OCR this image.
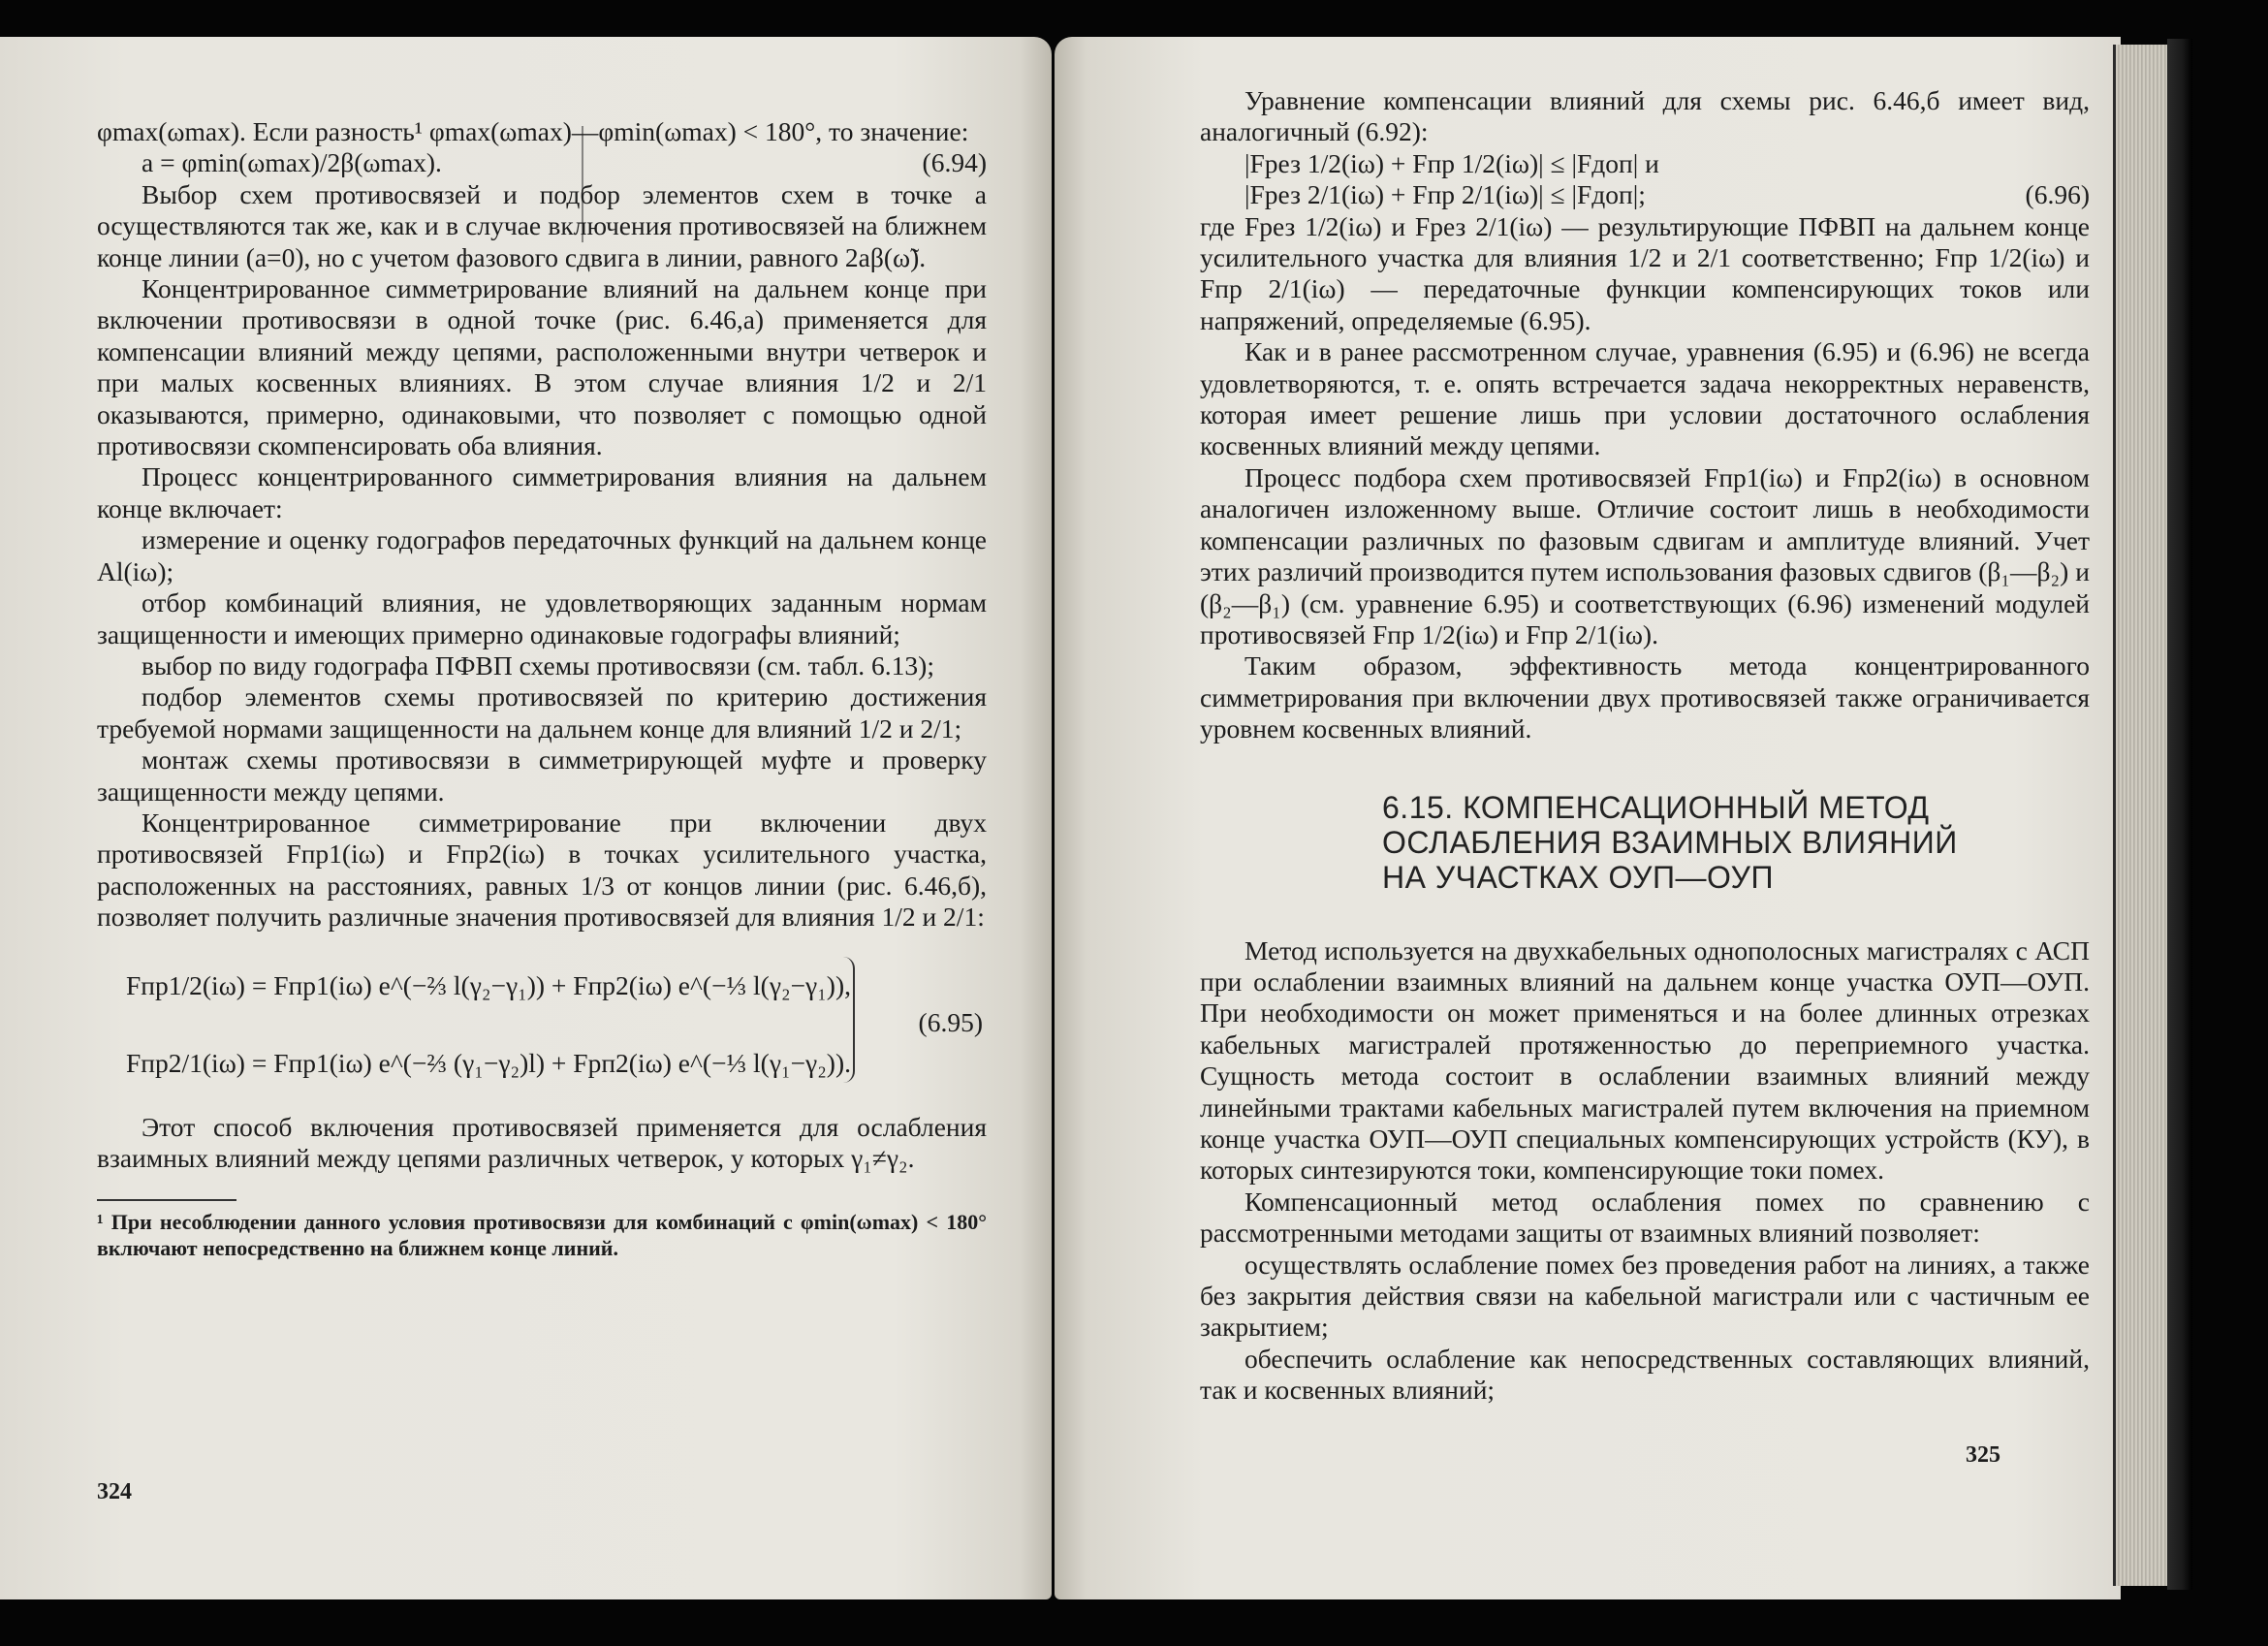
φmax(ωmax). Если разность¹ φmax(ωmax)—φmin(ωmax) < 180°, то значение:

a = φmin(ωmax)/2β(ωmax).	(6.94)

Выбор схем противосвязей и подбор элементов схем в точке a осуществляются так же, как и в случае включения противосвязей на ближнем конце линии (a=0), но с учетом фазового сдвига в линии, равного 2aβ(ω̃).

Концентрированное симметрирование влияний на дальнем конце при включении противосвязи в одной точке (рис. 6.46,a) применяется для компенсации влияний между цепями, расположенными внутри четверок и при малых косвенных влияниях. В этом случае влияния 1/2 и 2/1 оказываются, примерно, одинаковыми, что позволяет с помощью одной противосвязи скомпенсировать оба влияния.

Процесс концентрированного симметрирования влияния на дальнем конце включает:

измерение и оценку годографов передаточных функций на дальнем конце Al(iω);

отбор комбинаций влияния, не удовлетворяющих заданным нормам защищенности и имеющих примерно одинаковые годографы влияний;

выбор по виду годографа ПФВП схемы противосвязи (см. табл. 6.13);

подбор элементов схемы противосвязей по критерию достижения требуемой нормами защищенности на дальнем конце для влияний 1/2 и 2/1;

монтаж схемы противосвязи в симметрирующей муфте и проверку защищенности между цепями.

Концентрированное симметрирование при включении двух противосвязей Fпр1(iω) и Fпр2(iω) в точках усилительного участка, расположенных на расстояниях, равных 1/3 от концов линии (рис. 6.46,б), позволяет получить различные значения противосвязей для влияния 1/2 и 2/1:

Fпр1/2(iω) = Fпр1(iω) e^(−⅔ l(γ₂−γ₁)) + Fпр2(iω) e^(−⅓ l(γ₂−γ₁)),
Fпр2/1(iω) = Fпр1(iω) e^(−⅔ (γ₁−γ₂)l) + Fрп2(iω) e^(−⅓ l(γ₁−γ₂)).
(6.95)

Этот способ включения противосвязей применяется для ослабления взаимных влияний между цепями различных четверок, у которых γ₁≠γ₂.

¹ При несоблюдении данного условия противосвязи для комбинаций с φmin(ωmax) < 180° включают непосредственно на ближнем конце линий.

324

Уравнение компенсации влияний для схемы рис. 6.46,б имеет вид, аналогичный (6.92):

|Fрез 1/2(iω) + Fпр 1/2(iω)| ≤ |Fдоп| и
|Fрез 2/1(iω) + Fпр 2/1(iω)| ≤ |Fдоп|;	(6.96)

где Fрез 1/2(iω) и Fрез 2/1(iω) — результирующие ПФВП на дальнем конце усилительного участка для влияния 1/2 и 2/1 соответственно; Fпр 1/2(iω) и Fпр 2/1(iω) — передаточные функции компенсирующих токов или напряжений, определяемые (6.95).

Как и в ранее рассмотренном случае, уравнения (6.95) и (6.96) не всегда удовлетворяются, т. е. опять встречается задача некорректных неравенств, которая имеет решение лишь при условии достаточного ослабления косвенных влияний между цепями.

Процесс подбора схем противосвязей Fпр1(iω) и Fпр2(iω) в основном аналогичен изложенному выше. Отличие состоит лишь в необходимости компенсации различных по фазовым сдвигам и амплитуде влияний. Учет этих различий производится путем использования фазовых сдвигов (β₁—β₂) и (β₂—β₁) (см. уравнение 6.95) и соответствующих (6.96) изменений модулей противосвязей Fпр 1/2(iω) и Fпр 2/1(iω).

Таким образом, эффективность метода концентрированного симметрирования при включении двух противосвязей также ограничивается уровнем косвенных влияний.

6.15. КОМПЕНСАЦИОННЫЙ МЕТОД
ОСЛАБЛЕНИЯ ВЗАИМНЫХ ВЛИЯНИЙ
НА УЧАСТКАХ ОУП—ОУП

Метод используется на двухкабельных однополосных магистралях с АСП при ослаблении взаимных влияний на дальнем конце участка ОУП—ОУП. При необходимости он может применяться и на более длинных отрезках кабельных магистралей протяженностью до переприемного участка. Сущность метода состоит в ослаблении взаимных влияний между линейными трактами кабельных магистралей путем включения на приемном конце участка ОУП—ОУП специальных компенсирующих устройств (КУ), в которых синтезируются токи, компенсирующие токи помех.

Компенсационный метод ослабления помех по сравнению с рассмотренными методами защиты от взаимных влияний позволяет:

осуществлять ослабление помех без проведения работ на линиях, а также без закрытия действия связи на кабельной магистрали или с частичным ее закрытием;

обеспечить ослабление как непосредственных составляющих влияний, так и косвенных влияний;

325
